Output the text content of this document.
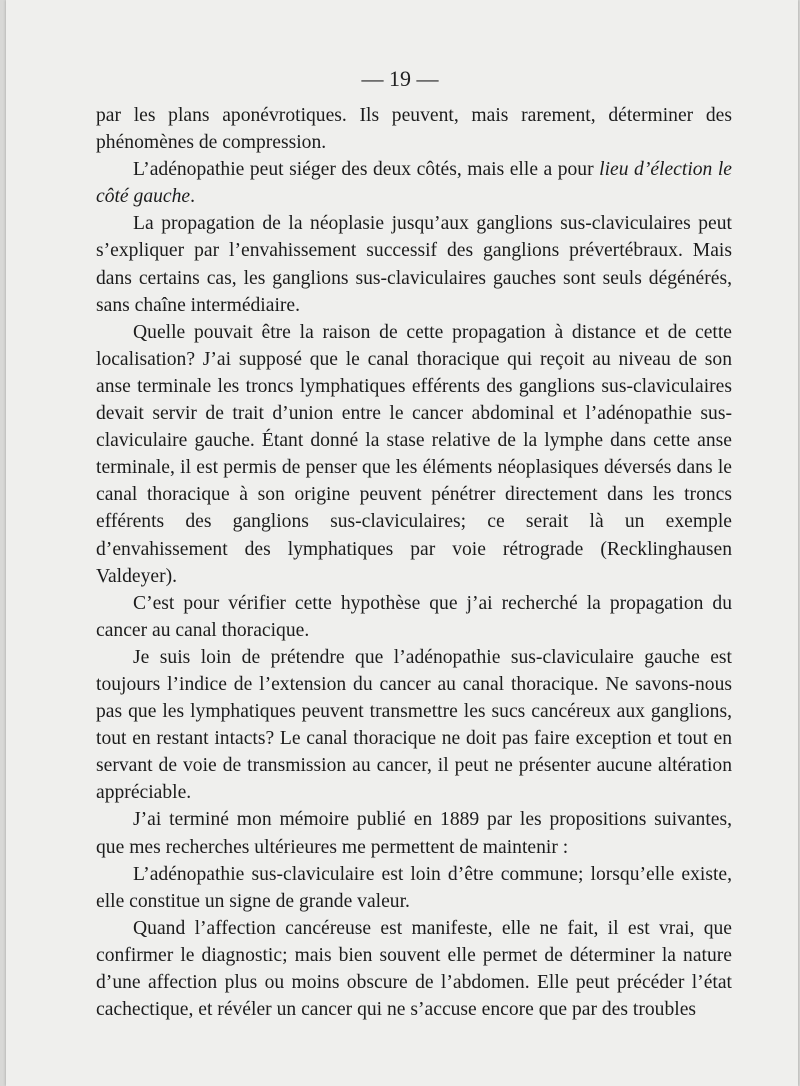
— 19 —

par les plans aponévrotiques. Ils peuvent, mais rarement, déterminer des phénomènes de compression.

L’adénopathie peut siéger des deux côtés, mais elle a pour lieu d’élection le côté gauche.

La propagation de la néoplasie jusqu’aux ganglions sus-claviculaires peut s’expliquer par l’envahissement successif des ganglions prévertébraux. Mais dans certains cas, les ganglions sus-claviculaires gauches sont seuls dégénérés, sans chaîne intermédiaire.

Quelle pouvait être la raison de cette propagation à distance et de cette localisation? J’ai supposé que le canal thoracique qui reçoit au niveau de son anse terminale les troncs lymphatiques efférents des ganglions sus-claviculaires devait servir de trait d’union entre le cancer abdominal et l’adénopathie sus-claviculaire gauche. Étant donné la stase relative de la lymphe dans cette anse terminale, il est permis de penser que les éléments néoplasiques déversés dans le canal thoracique à son origine peuvent pénétrer directement dans les troncs efférents des ganglions sus-claviculaires; ce serait là un exemple d’envahissement des lymphatiques par voie rétrograde (Recklinghausen Valdeyer).

C’est pour vérifier cette hypothèse que j’ai recherché la propagation du cancer au canal thoracique.

Je suis loin de prétendre que l’adénopathie sus-claviculaire gauche est toujours l’indice de l’extension du cancer au canal thoracique. Ne savons-nous pas que les lymphatiques peuvent transmettre les sucs cancéreux aux ganglions, tout en restant intacts? Le canal thoracique ne doit pas faire exception et tout en servant de voie de transmission au cancer, il peut ne présenter aucune altération appréciable.

J’ai terminé mon mémoire publié en 1889 par les propositions suivantes, que mes recherches ultérieures me permettent de maintenir :

L’adénopathie sus-claviculaire est loin d’être commune; lorsqu’elle existe, elle constitue un signe de grande valeur.

Quand l’affection cancéreuse est manifeste, elle ne fait, il est vrai, que confirmer le diagnostic; mais bien souvent elle permet de déterminer la nature d’une affection plus ou moins obscure de l’abdomen. Elle peut précéder l’état cachectique, et révéler un cancer qui ne s’accuse encore que par des troubles
